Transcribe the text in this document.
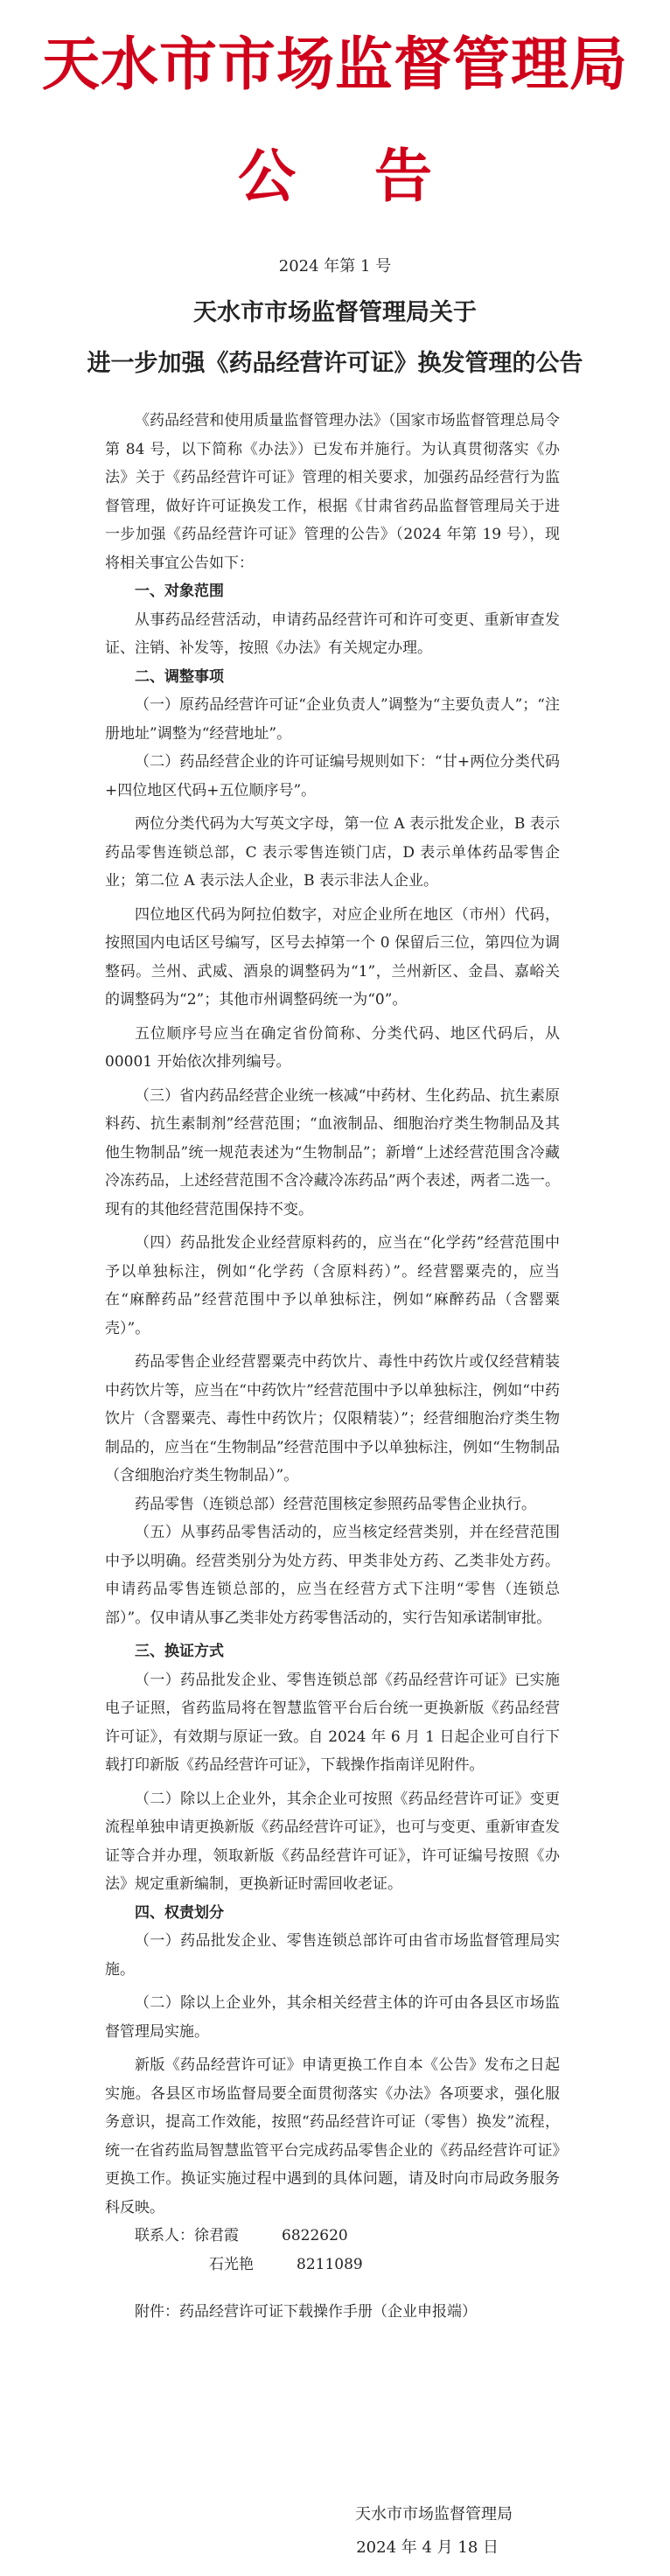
天水市市场监督管理局
公告
2024 年第 1 号
天水市市场监督管理局关于
进一步加强《药品经营许可证》换发管理的公告

《药品经营和使用质量监督管理办法》（国家市场监督管理总局令第 84 号，以下简称《办法》）已发布并施行。为认真贯彻落实《办法》关于《药品经营许可证》管理的相关要求，加强药品经营行为监督管理，做好许可证换发工作，根据《甘肃省药品监督管理局关于进一步加强《药品经营许可证》管理的公告》（2024 年第 19 号），现将相关事宜公告如下：

一、对象范围

从事药品经营活动，申请药品经营许可和许可变更、重新审查发证、注销、补发等，按照《办法》有关规定办理。

二、调整事项

（一）原药品经营许可证“企业负责人”调整为“主要负责人”；“注册地址”调整为“经营地址”。

（二）药品经营企业的许可证编号规则如下：“甘+两位分类代码+四位地区代码+五位顺序号”。

两位分类代码为大写英文字母，第一位 A 表示批发企业，B 表示药品零售连锁总部，C 表示零售连锁门店，D 表示单体药品零售企业；第二位 A 表示法人企业，B 表示非法人企业。

四位地区代码为阿拉伯数字，对应企业所在地区（市州）代码，按照国内电话区号编写，区号去掉第一个 0 保留后三位，第四位为调整码。兰州、武威、酒泉的调整码为“1”，兰州新区、金昌、嘉峪关的调整码为“2”；其他市州调整码统一为“0”。

五位顺序号应当在确定省份简称、分类代码、地区代码后，从 00001 开始依次排列编号。

（三）省内药品经营企业统一核减“中药材、生化药品、抗生素原料药、抗生素制剂”经营范围；“血液制品、细胞治疗类生物制品及其他生物制品”统一规范表述为“生物制品”；新增“上述经营范围含冷藏冷冻药品，上述经营范围不含冷藏冷冻药品”两个表述，两者二选一。现有的其他经营范围保持不变。

（四）药品批发企业经营原料药的，应当在“化学药”经营范围中予以单独标注，例如“化学药（含原料药）”。经营罂粟壳的，应当在“麻醉药品”经营范围中予以单独标注，例如“麻醉药品（含罂粟壳）”。

药品零售企业经营罂粟壳中药饮片、毒性中药饮片或仅经营精装中药饮片等，应当在“中药饮片”经营范围中予以单独标注，例如“中药饮片（含罂粟壳、毒性中药饮片；仅限精装）”；经营细胞治疗类生物制品的，应当在“生物制品”经营范围中予以单独标注，例如“生物制品（含细胞治疗类生物制品）”。

药品零售（连锁总部）经营范围核定参照药品零售企业执行。

（五）从事药品零售活动的，应当核定经营类别，并在经营范围中予以明确。经营类别分为处方药、甲类非处方药、乙类非处方药。申请药品零售连锁总部的，应当在经营方式下注明“零售（连锁总部）”。仅申请从事乙类非处方药零售活动的，实行告知承诺制审批。

三、换证方式

（一）药品批发企业、零售连锁总部《药品经营许可证》已实施电子证照，省药监局将在智慧监管平台后台统一更换新版《药品经营许可证》，有效期与原证一致。自 2024 年 6 月 1 日起企业可自行下载打印新版《药品经营许可证》，下载操作指南详见附件。

（二）除以上企业外，其余企业可按照《药品经营许可证》变更流程单独申请更换新版《药品经营许可证》，也可与变更、重新审查发证等合并办理，领取新版《药品经营许可证》，许可证编号按照《办法》规定重新编制，更换新证时需回收老证。

四、权责划分

（一）药品批发企业、零售连锁总部许可由省市场监督管理局实施。

（二）除以上企业外，其余相关经营主体的许可由各县区市场监督管理局实施。

新版《药品经营许可证》申请更换工作自本《公告》发布之日起实施。各县区市场监督局要全面贯彻落实《办法》各项要求，强化服务意识，提高工作效能，按照“药品经营许可证（零售）换发”流程，统一在省药监局智慧监管平台完成药品零售企业的《药品经营许可证》更换工作。换证实施过程中遇到的具体问题，请及时向市局政务服务科反映。

联系人：徐君霞	6822620

石光艳	8211089

附件：药品经营许可证下载操作手册（企业申报端）

天水市市场监督管理局
2024 年 4 月 18 日
